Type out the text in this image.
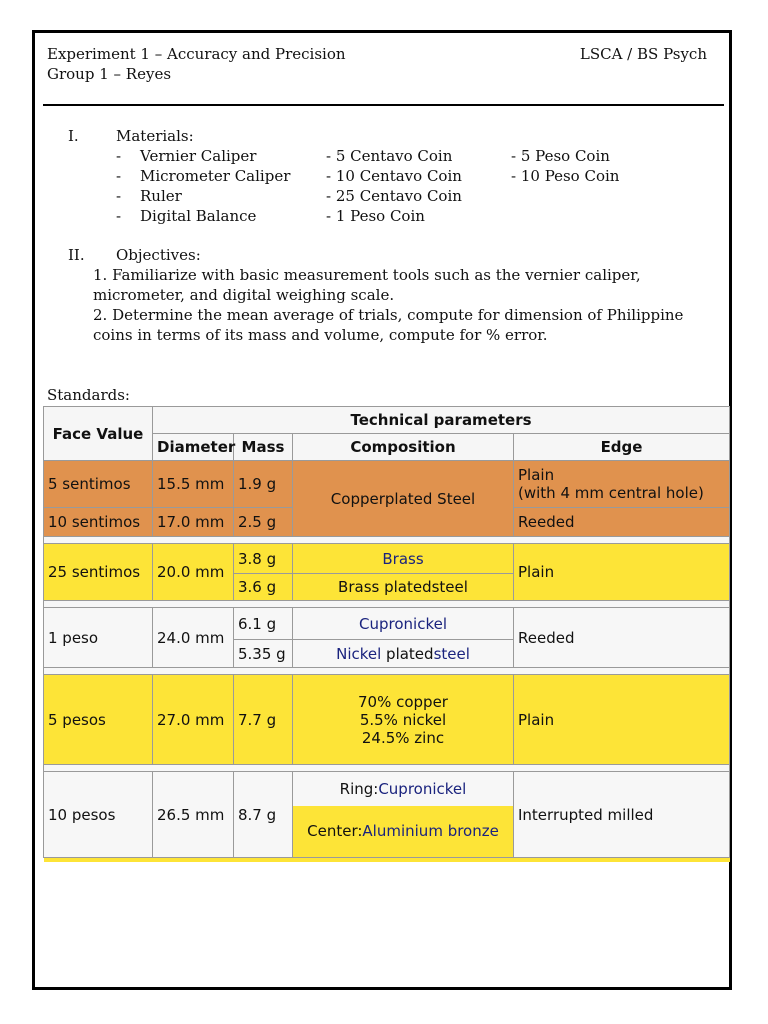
Experiment 1 – Accuracy and Precision
Group 1 – Reyes
LSCA / BS Psych
I. Materials:
- Vernier Caliper
- Micrometer Caliper
- Ruler
- Digital Balance
- 5 Centavo Coin
- 10 Centavo Coin
- 25 Centavo Coin
- 1 Peso Coin
- 5 Peso Coin
- 10 Peso Coin
II. Objectives:
1. Familiarize with basic measurement tools such as the vernier caliper, micrometer, and digital weighing scale.
2. Determine the mean average of trials, compute for dimension of Philippine coins in terms of its mass and volume, compute for % error.
Standards:
Face Value	Technical parameters			
	Diameter	Mass	Composition	Edge
5 sentimos	15.5 mm	1.9 g	Copperplated Steel	Plain
(with 4 mm central hole)

10 sentimos	17.0 mm	2.5 g		Reeded

25 sentimos	20.0 mm	3.8 g	Brass	Plain
		3.6 g	Brass platedsteel	

1 peso	24.0 mm	6.1 g	Cupronickel	Reeded
		5.35 g	Nickel platedsteel	

5 pesos	27.0 mm	7.7 g	70% copper
5.5% nickel
24.5% zinc	Plain

10 pesos	26.5 mm	8.7 g	Ring:Cupronickel	Interrupted milled
			Center:Aluminium bronze	
